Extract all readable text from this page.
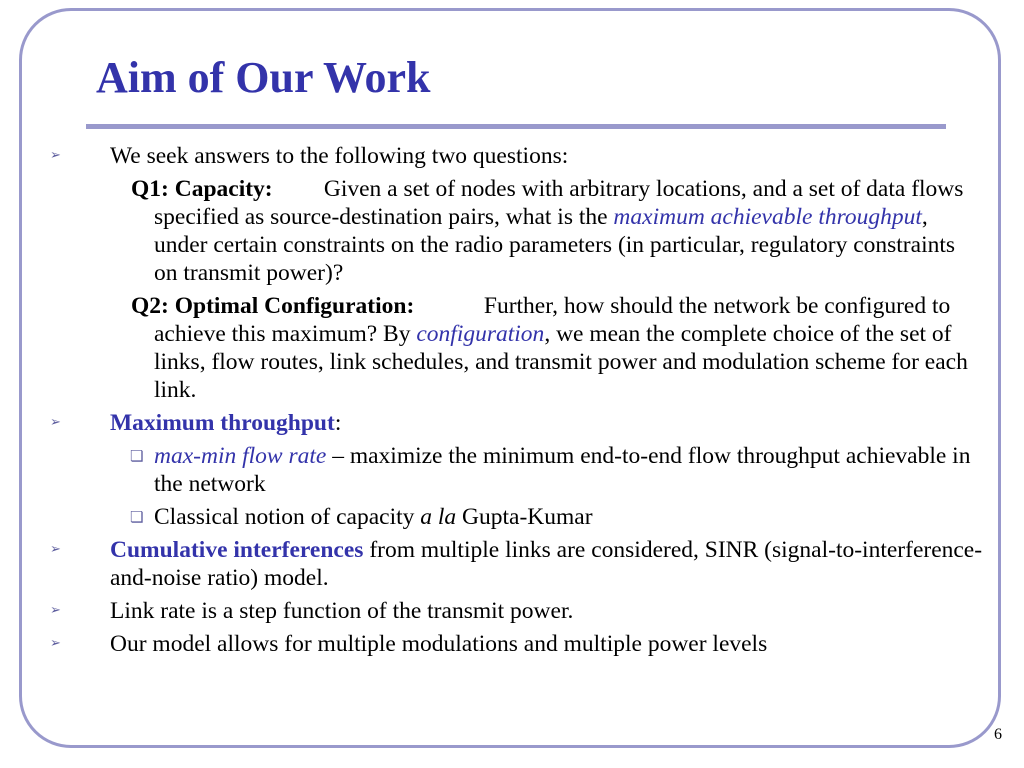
Aim of Our Work
➢	We seek answers to the following two questions:
Q1: Capacity: Given a set of nodes with arbitrary locations, and a set of data flows specified as source-destination pairs, what is the maximum achievable throughput, under certain constraints on the radio parameters (in particular, regulatory constraints on transmit power)?
Q2: Optimal Configuration:	Further, how should the network be configured to achieve this maximum? By configuration, we mean the complete choice of the set of links, flow routes, link schedules, and transmit power and modulation scheme for each link.
➢	Maximum throughput:
❏ max-min flow rate – maximize the minimum end-to-end flow throughput achievable in the network
❏ Classical notion of capacity a la Gupta-Kumar
➢	Cumulative interferences from multiple links are considered, SINR (signal-to-interference-and-noise ratio) model.
➢	Link rate is a step function of the transmit power.
➢	Our model allows for multiple modulations and multiple power levels
6
